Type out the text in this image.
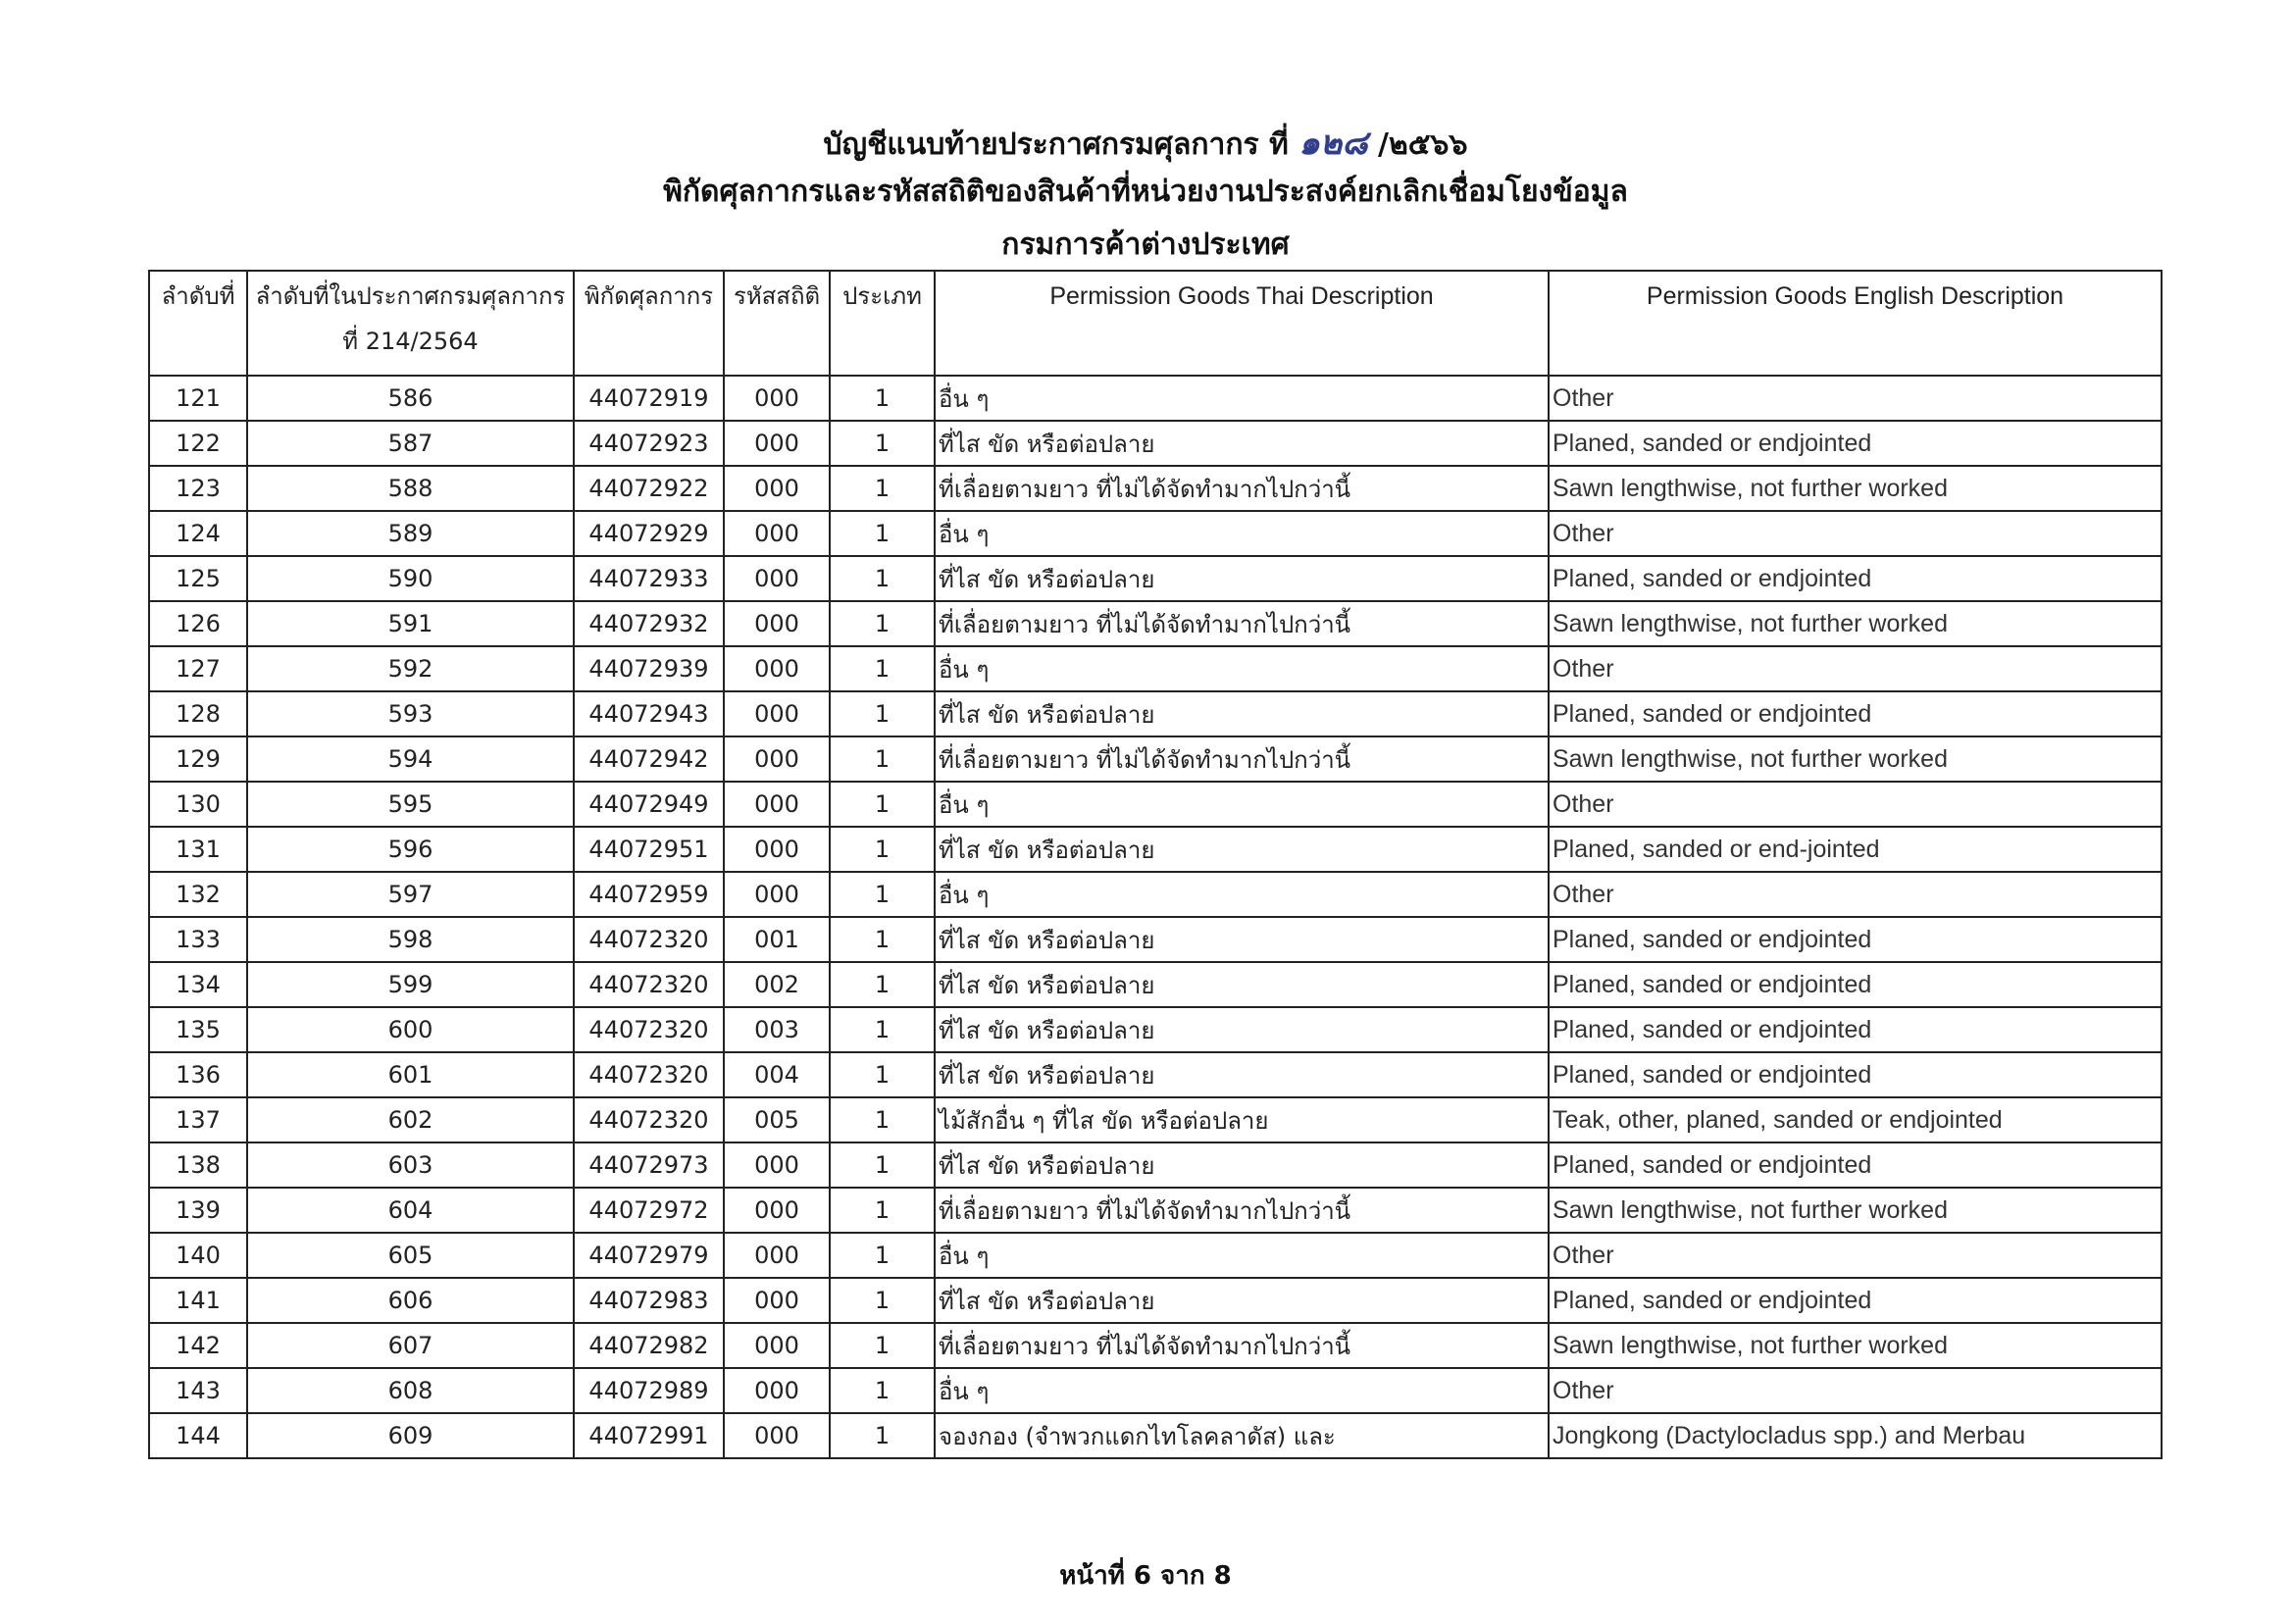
บัญชีแนบท้ายประกาศกรมศุลกากร ที่ ๑๒๘ /๒๕๖๖
พิกัดศุลกากรและรหัสสถิติของสินค้าที่หน่วยงานประสงค์ยกเลิกเชื่อมโยงข้อมูล
กรมการค้าต่างประเทศ
ลำดับที่	ลำดับที่ในประกาศกรมศุลกากร ที่ 214/2564	พิกัดศุลกากร	รหัสสถิติ	ประเภท	Permission Goods Thai Description	Permission Goods English Description
121	586	44072919	000	1	อื่น ๆ	Other
122	587	44072923	000	1	ที่ไส ขัด หรือต่อปลาย	Planed, sanded or endjointed
123	588	44072922	000	1	ที่เลื่อยตามยาว ที่ไม่ได้จัดทำมากไปกว่านี้	Sawn lengthwise, not further worked
124	589	44072929	000	1	อื่น ๆ	Other
125	590	44072933	000	1	ที่ไส ขัด หรือต่อปลาย	Planed, sanded or endjointed
126	591	44072932	000	1	ที่เลื่อยตามยาว ที่ไม่ได้จัดทำมากไปกว่านี้	Sawn lengthwise, not further worked
127	592	44072939	000	1	อื่น ๆ	Other
128	593	44072943	000	1	ที่ไส ขัด หรือต่อปลาย	Planed, sanded or endjointed
129	594	44072942	000	1	ที่เลื่อยตามยาว ที่ไม่ได้จัดทำมากไปกว่านี้	Sawn lengthwise, not further worked
130	595	44072949	000	1	อื่น ๆ	Other
131	596	44072951	000	1	ที่ไส ขัด หรือต่อปลาย	Planed, sanded or end-jointed
132	597	44072959	000	1	อื่น ๆ	Other
133	598	44072320	001	1	ที่ไส ขัด หรือต่อปลาย	Planed, sanded or endjointed
134	599	44072320	002	1	ที่ไส ขัด หรือต่อปลาย	Planed, sanded or endjointed
135	600	44072320	003	1	ที่ไส ขัด หรือต่อปลาย	Planed, sanded or endjointed
136	601	44072320	004	1	ที่ไส ขัด หรือต่อปลาย	Planed, sanded or endjointed
137	602	44072320	005	1	ไม้สักอื่น ๆ ที่ไส ขัด หรือต่อปลาย	Teak, other, planed, sanded or endjointed
138	603	44072973	000	1	ที่ไส ขัด หรือต่อปลาย	Planed, sanded or endjointed
139	604	44072972	000	1	ที่เลื่อยตามยาว ที่ไม่ได้จัดทำมากไปกว่านี้	Sawn lengthwise, not further worked
140	605	44072979	000	1	อื่น ๆ	Other
141	606	44072983	000	1	ที่ไส ขัด หรือต่อปลาย	Planed, sanded or endjointed
142	607	44072982	000	1	ที่เลื่อยตามยาว ที่ไม่ได้จัดทำมากไปกว่านี้	Sawn lengthwise, not further worked
143	608	44072989	000	1	อื่น ๆ	Other
144	609	44072991	000	1	จองกอง (จำพวกแดกไทโลคลาดัส) และ	Jongkong (Dactylocladus spp.) and Merbau
หน้าที่ 6 จาก 8
